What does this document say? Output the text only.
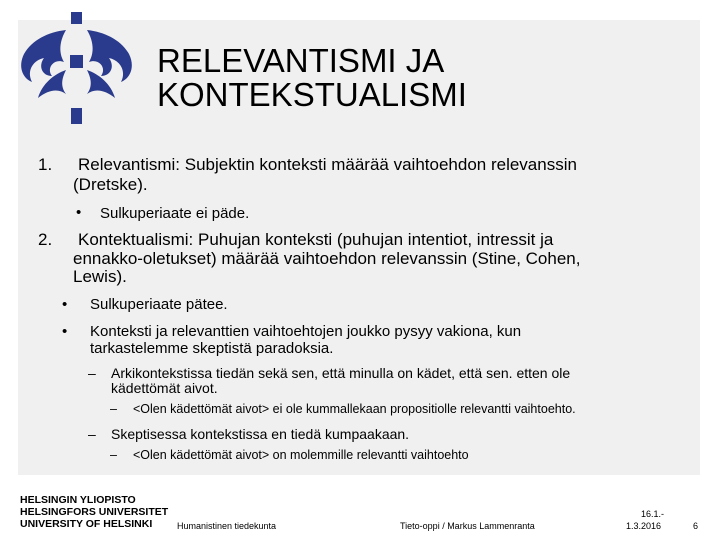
RELEVANTISMI JA
KONTEKSTUALISMI
1. Relevantismi: Subjektin konteksti määrää vaihtoehdon relevanssin
(Dretske).
• Sulkuperiaate ei päde.
2. Kontektualismi: Puhujan konteksti (puhujan intentiot, intressit ja
ennakko-oletukset) määrää vaihtoehdon relevanssin (Stine, Cohen,
Lewis).
• Sulkuperiaate pätee.
• Konteksti ja relevanttien vaihtoehtojen joukko pysyy vakiona, kun
tarkastelemme skeptistä paradoksia.
– Arkikontekstissa tiedän sekä sen, että minulla on kädet, että sen. etten ole
kädettömät aivot.
– <Olen kädettömät aivot> ei ole kummallekaan propositiolle relevantti vaihtoehto.
– Skeptisessa kontekstissa en tiedä kumpaakaan.
– <Olen kädettömät aivot> on molemmille relevantti vaihtoehto
HELSINGIN YLIOPISTO
HELSINGFORS UNIVERSITET
UNIVERSITY OF HELSINKI	Humanistinen tiedekunta	Tieto-oppi / Markus Lammenranta
16.1.-
1.3.2016	6
